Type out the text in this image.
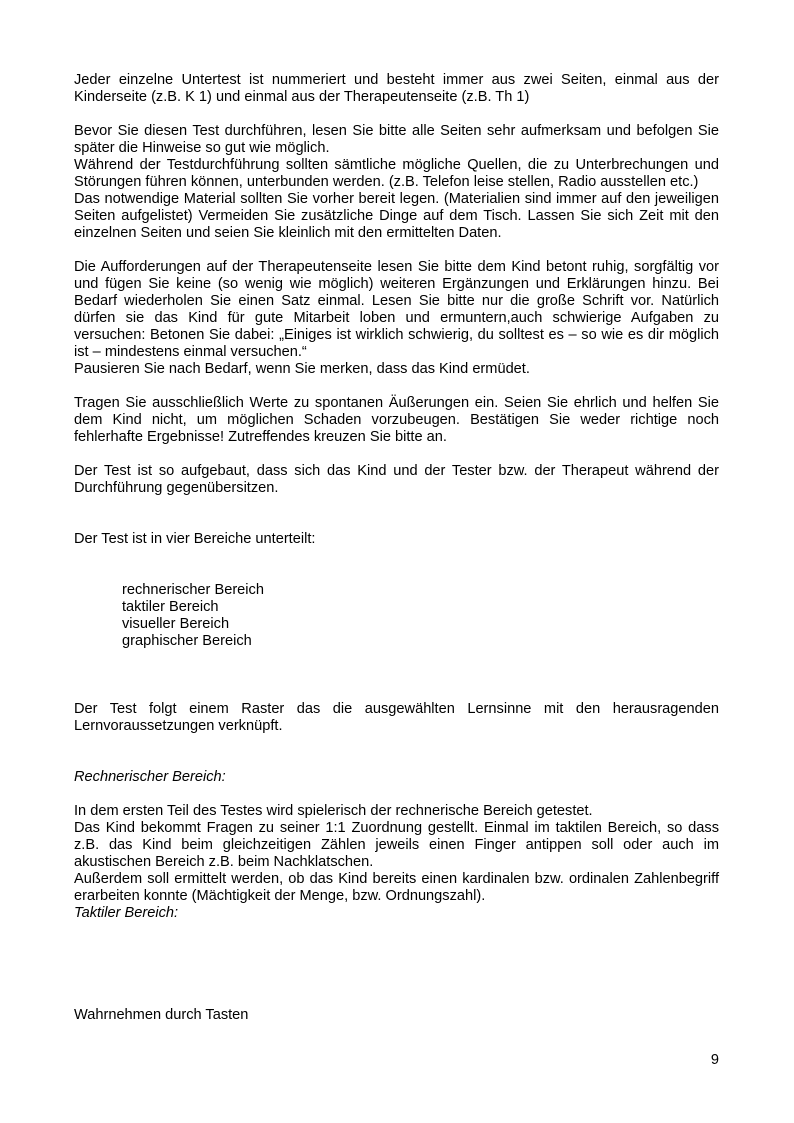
Jeder einzelne Untertest ist nummeriert und besteht immer aus zwei Seiten, einmal aus der Kinderseite (z.B. K 1) und einmal aus der Therapeutenseite (z.B. Th 1)

Bevor Sie diesen Test durchführen, lesen Sie bitte alle Seiten sehr aufmerksam und befolgen Sie später die Hinweise so gut wie möglich.

Während der Testdurchführung sollten sämtliche mögliche Quellen, die zu Unterbrechungen und Störungen führen können, unterbunden werden. (z.B. Telefon leise stellen, Radio ausstellen etc.)

Das notwendige Material sollten Sie vorher bereit legen. (Materialien sind immer auf den jeweiligen Seiten aufgelistet) Vermeiden Sie zusätzliche Dinge auf dem Tisch. Lassen Sie sich Zeit mit den einzelnen Seiten und seien Sie kleinlich mit den ermittelten Daten.

Die Aufforderungen auf der Therapeutenseite lesen Sie bitte dem Kind betont ruhig, sorgfältig vor und fügen Sie keine (so wenig wie möglich) weiteren Ergänzungen und Erklärungen hinzu. Bei Bedarf wiederholen Sie einen Satz einmal. Lesen Sie bitte nur die große Schrift vor. Natürlich dürfen sie das Kind für gute Mitarbeit loben und ermuntern,auch schwierige Aufgaben zu versuchen: Betonen Sie dabei: „Einiges ist wirklich schwierig, du solltest es – so wie es dir möglich ist – mindestens einmal versuchen.“

Pausieren Sie nach Bedarf, wenn Sie merken, dass das Kind ermüdet.

Tragen Sie ausschließlich Werte zu spontanen Äußerungen ein. Seien Sie ehrlich und helfen Sie dem Kind nicht, um möglichen Schaden vorzubeugen. Bestätigen Sie weder richtige noch fehlerhafte Ergebnisse! Zutreffendes kreuzen Sie bitte an.

Der Test ist so aufgebaut, dass sich das Kind und der Tester bzw. der Therapeut während der Durchführung gegenübersitzen.

Der Test ist in vier Bereiche unterteilt:

rechnerischer Bereich

taktiler Bereich

visueller Bereich

graphischer Bereich

Der Test folgt einem Raster das die ausgewählten Lernsinne mit den herausragenden Lernvoraussetzungen verknüpft.

Rechnerischer Bereich:

In dem ersten Teil des Testes wird spielerisch der rechnerische Bereich getestet.

Das Kind bekommt Fragen zu seiner 1:1 Zuordnung gestellt. Einmal im taktilen Bereich, so dass z.B. das Kind beim gleichzeitigen Zählen jeweils einen Finger antippen soll oder auch im akustischen Bereich z.B. beim Nachklatschen.

Außerdem soll ermittelt werden, ob das Kind bereits einen kardinalen bzw. ordinalen Zahlenbegriff erarbeiten konnte (Mächtigkeit der Menge, bzw. Ordnungszahl).

Taktiler Bereich:

Wahrnehmen durch Tasten

9
